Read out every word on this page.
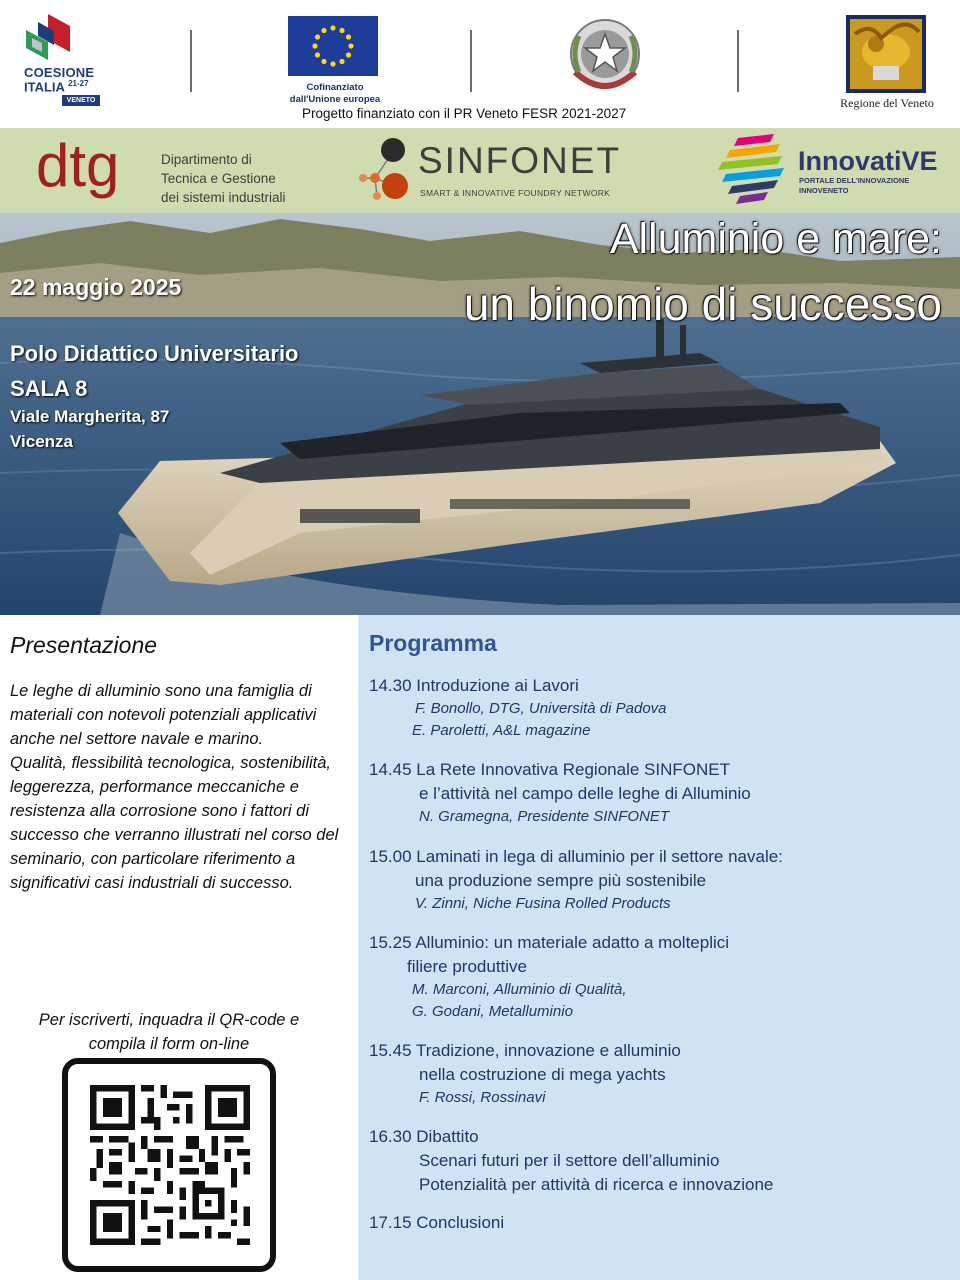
COESIONE
ITALIA $^{21-27}$
VENETO
Cofinanziato
dall'Unione europea
Progetto finanziato con il PR Veneto FESR 2021-2027
Regione del Veneto
dtg	Dipartimento di
Tecnica e Gestione
dei sistemi industriali
SINFONET
SMART & INNOVATIVE FOUNDRY NETWORK
InnovatiVE
PORTALE DELL'INNOVAZIONE
INNOVENETO
Alluminio e mare:
un binomio di successo
22 maggio 2025
Polo Didattico Universitario
SALA 8
Viale Margherita, 87
Vicenza
Presentazione

Le leghe di alluminio sono una famiglia di materiali con notevoli potenziali applicativi anche nel settore navale e marino.

Qualità, flessibilità tecnologica, sostenibilità, leggerezza, performance meccaniche e resistenza alla corrosione sono i fattori di successo che verranno illustrati nel corso del seminario, con particolare riferimento a significativi casi industriali di successo.

Per iscriverti, inquadra il QR-code e
compila il form on-line
Programma
14.30 Introduzione ai Lavori
F. Bonollo, DTG, Università di Padova
E. Paroletti, A&L magazine
14.45 La Rete Innovativa Regionale SINFONET
e l’attività nel campo delle leghe di Alluminio
N. Gramegna, Presidente SINFONET
15.00 Laminati in lega di alluminio per il settore navale:
una produzione sempre più sostenibile
V. Zinni, Niche Fusina Rolled Products
15.25 Alluminio: un materiale adatto a molteplici
filiere produttive
M. Marconi, Alluminio di Qualità,
G. Godani, Metalluminio
15.45 Tradizione, innovazione e alluminio
nella costruzione di mega yachts
F. Rossi, Rossinavi
16.30 Dibattito
Scenari futuri per il settore dell’alluminio
Potenzialità per attività di ricerca e innovazione
17.15 Conclusioni
